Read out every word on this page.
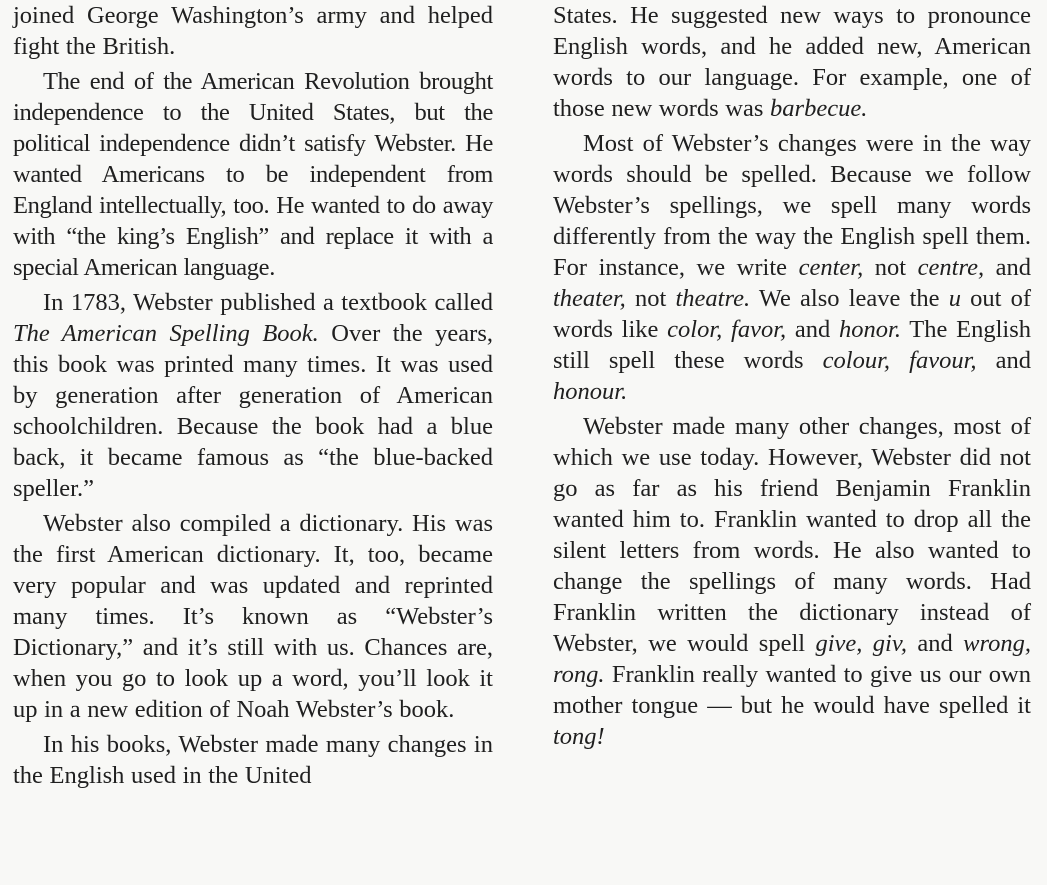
joined George Washington’s army and helped fight the British.

The end of the American Revolution brought independence to the United States, but the political independence didn’t satisfy Webster. He wanted Americans to be independent from England intellectually, too. He wanted to do away with “the king’s English” and replace it with a special American language.

In 1783, Webster published a textbook called The American Spelling Book. Over the years, this book was printed many times. It was used by generation after generation of American schoolchildren. Because the book had a blue back, it became famous as “the blue-backed speller.”

Webster also compiled a dictionary. His was the first American dictionary. It, too, became very popular and was updated and reprinted many times. It’s known as “Webster’s Dictionary,” and it’s still with us. Chances are, when you go to look up a word, you’ll look it up in a new edition of Noah Webster’s book.

In his books, Webster made many changes in the English used in the United

States. He suggested new ways to pronounce English words, and he added new, American words to our language. For example, one of those new words was barbecue.

Most of Webster’s changes were in the way words should be spelled. Because we follow Webster’s spellings, we spell many words differently from the way the English spell them. For instance, we write center, not centre, and theater, not theatre. We also leave the u out of words like color, favor, and honor. The English still spell these words colour, favour, and honour.

Webster made many other changes, most of which we use today. However, Webster did not go as far as his friend Benjamin Franklin wanted him to. Franklin wanted to drop all the silent letters from words. He also wanted to change the spellings of many words. Had Franklin written the dictionary instead of Webster, we would spell give, giv, and wrong, rong. Franklin really wanted to give us our own mother tongue — but he would have spelled it tong!
